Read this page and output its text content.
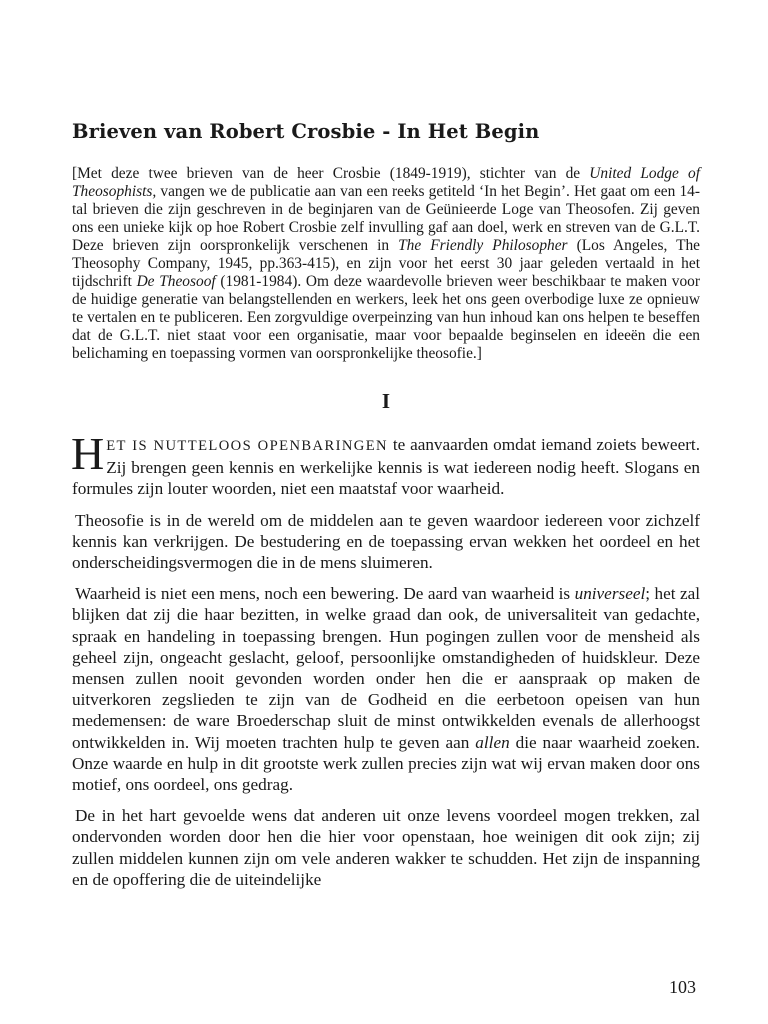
Brieven van Robert Crosbie - In Het Begin

[Met deze twee brieven van de heer Crosbie (1849-1919), stichter van de United Lodge of Theosophists, vangen we de publicatie aan van een reeks getiteld ‘In het Begin’. Het gaat om een 14-tal brieven die zijn geschreven in de beginjaren van de Geünieerde Loge van Theosofen. Zij geven ons een unieke kijk op hoe Robert Crosbie zelf invulling gaf aan doel, werk en streven van de G.L.T. Deze brieven zijn oorspronkelijk verschenen in The Friendly Philosopher (Los Angeles, The Theosophy Company, 1945, pp.363-415), en zijn voor het eerst 30 jaar geleden vertaald in het tijdschrift De Theosoof (1981-1984). Om deze waardevolle brieven weer beschikbaar te maken voor de huidige generatie van belangstellenden en werkers, leek het ons geen overbodige luxe ze opnieuw te vertalen en te publiceren. Een zorgvuldige overpeinzing van hun inhoud kan ons helpen te beseffen dat de G.L.T. niet staat voor een organisatie, maar voor bepaalde beginselen en ideeën die een belichaming en toepassing vormen van oorspronkelijke theosofie.]

I

HET IS NUTTELOOS OPENBARINGEN te aanvaarden omdat iemand zoiets beweert. Zij brengen geen kennis en werkelijke kennis is wat iedereen nodig heeft. Slogans en formules zijn louter woorden, niet een maatstaf voor waarheid.

Theosofie is in de wereld om de middelen aan te geven waardoor iedereen voor zichzelf kennis kan verkrijgen. De bestudering en de toepassing ervan wekken het oordeel en het onderscheidingsvermogen die in de mens sluimeren.

Waarheid is niet een mens, noch een bewering. De aard van waarheid is universeel; het zal blijken dat zij die haar bezitten, in welke graad dan ook, de universaliteit van gedachte, spraak en handeling in toepassing brengen. Hun pogingen zullen voor de mensheid als geheel zijn, ongeacht geslacht, geloof, persoonlijke omstandigheden of huidskleur. Deze mensen zullen nooit gevonden worden onder hen die er aanspraak op maken de uitverkoren zegslieden te zijn van de Godheid en die eerbetoon opeisen van hun medemensen: de ware Broederschap sluit de minst ontwikkelden evenals de allerhoogst ontwikkelden in. Wij moeten trachten hulp te geven aan allen die naar waarheid zoeken. Onze waarde en hulp in dit grootste werk zullen precies zijn wat wij ervan maken door ons motief, ons oordeel, ons gedrag.

De in het hart gevoelde wens dat anderen uit onze levens voordeel mogen trekken, zal ondervonden worden door hen die hier voor openstaan, hoe weinigen dit ook zijn; zij zullen middelen kunnen zijn om vele anderen wakker te schudden. Het zijn de inspanning en de opoffering die de uiteindelijke

103
